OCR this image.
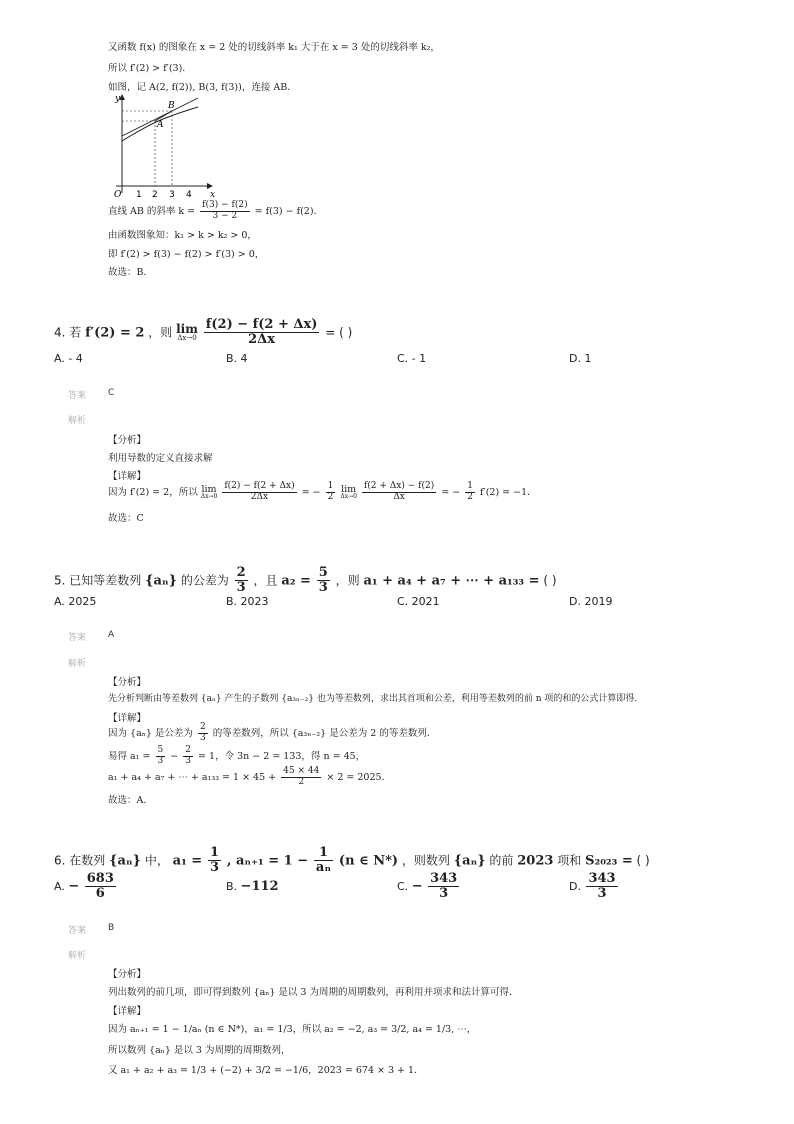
又函数 f(x) 的图象在 x = 2 处的切线斜率 k₁ 大于在 x = 3 处的切线斜率 k₂，
所以 f′(2) > f′(3)．
如图，记 A(2, f(2)), B(3, f(3))，连接 AB．
y
x
O 1 2 3 4
B
A
直线 AB 的斜率 $k = \frac{f(3) - f(2)}{3 - 2} = f(3) - f(2)$．
由函数图象知：k₁ > k > k₂ > 0，
即 f′(2) > f(3) − f(2) > f′(3) > 0，
故选：B．
4. 若 f′(2) = 2 ，则 lim
Δx→0
$\frac{f(2) - f(2 + \Delta x)}{2\Delta x}$ = ( )
A. - 4	B. 4	C. - 1	D. 1
答案 C
解析
【分析】
利用导数的定义直接求解
【详解】
因为 f′(2) = 2，所以 lim
Δx→0
$\frac{f(2) - f(2 + \Delta x)}{2\Delta x}$ = − $\frac{1}{2}$
lim
Δx→0
$\frac{f(2 + \Delta x) - f(2)}{\Delta x}$ = − $\frac{1}{2} f'(2) = -1$．
故选：C
5. 已知等差数列 {aₙ} 的公差为 $\frac{2}{3}$ ，且 $a_2 = \frac{5}{3}$ ，则 a₁ + a₄ + a₇ + ⋯ + a₁₃₃ = ( )
A. 2025	B. 2023	C. 2021	D. 2019
答案 A
解析
【分析】
先分析判断由等差数列 {aₙ} 产生的子数列 {a₃ₙ₋₂} 也为等差数列，求出其首项和公差，利用等差数列的前 n 项的和的公式计算即得．
【详解】
因为 {aₙ} 是公差为 $\frac{2}{3}$ 的等差数列，所以 {a₃ₙ₋₂} 是公差为 2 的等差数列．
易得 $a_1 = \frac{5}{3} - \frac{2}{3} = 1$，令 3n − 2 = 133，得 n = 45，
a₁ + a₄ + a₇ + ⋯ + $a_{133} = 1 \times 45 + \frac{45 \times 44}{2} \times 2 = 2025$．
故选：A．
6. 在数列 {aₙ} 中， $a_1 = \frac{1}{3}$ , $a_{n+1} = 1 - \frac{1}{\text{aₙ}} (n$ ∈ N*) ，则数列 {aₙ} 的前 2023 项和 S₂₀₂₃ = ( )
A. − $\frac{683}{6}$	B. −112	C. − $\frac{343}{3}$	D. $\frac{343}{3}$
答案 B
解析
【分析】
列出数列的前几项，即可得到数列 {aₙ} 是以 3 为周期的周期数列，再利用并项求和法计算可得．
【详解】
因为 aₙ₊₁ = 1 − 1/aₙ (n ∈ N*)，a₁ = 1/3，所以 a₂ = −2, a₃ = 3/2, a₄ = 1/3, ⋯，
所以数列 {aₙ} 是以 3 为周期的周期数列，
又 a₁ + a₂ + a₃ = 1/3 + (−2) + 3/2 = −1/6，2023 = 674 × 3 + 1．
